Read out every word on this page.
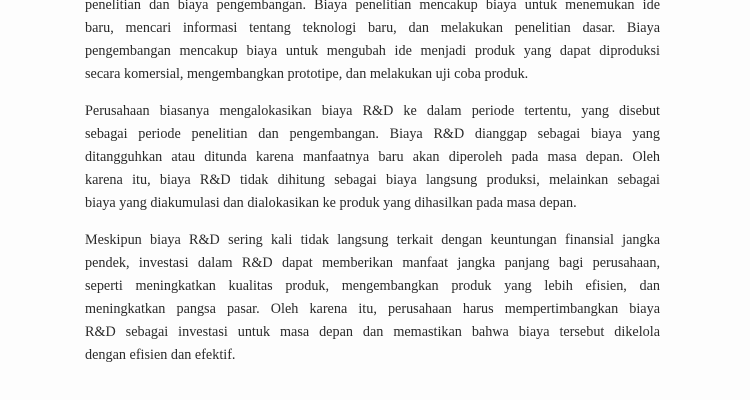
penelitian dan biaya pengembangan. Biaya penelitian mencakup biaya untuk menemukan ide
baru, mencari informasi tentang teknologi baru, dan melakukan penelitian dasar. Biaya
pengembangan mencakup biaya untuk mengubah ide menjadi produk yang dapat diproduksi
secara komersial, mengembangkan prototipe, dan melakukan uji coba produk.

Perusahaan biasanya mengalokasikan biaya R&D ke dalam periode tertentu, yang disebut
sebagai periode penelitian dan pengembangan. Biaya R&D dianggap sebagai biaya yang
ditangguhkan atau ditunda karena manfaatnya baru akan diperoleh pada masa depan. Oleh
karena itu, biaya R&D tidak dihitung sebagai biaya langsung produksi, melainkan sebagai
biaya yang diakumulasi dan dialokasikan ke produk yang dihasilkan pada masa depan.

Meskipun biaya R&D sering kali tidak langsung terkait dengan keuntungan finansial jangka
pendek, investasi dalam R&D dapat memberikan manfaat jangka panjang bagi perusahaan,
seperti meningkatkan kualitas produk, mengembangkan produk yang lebih efisien, dan
meningkatkan pangsa pasar. Oleh karena itu, perusahaan harus mempertimbangkan biaya
R&D sebagai investasi untuk masa depan dan memastikan bahwa biaya tersebut dikelola
dengan efisien dan efektif.
